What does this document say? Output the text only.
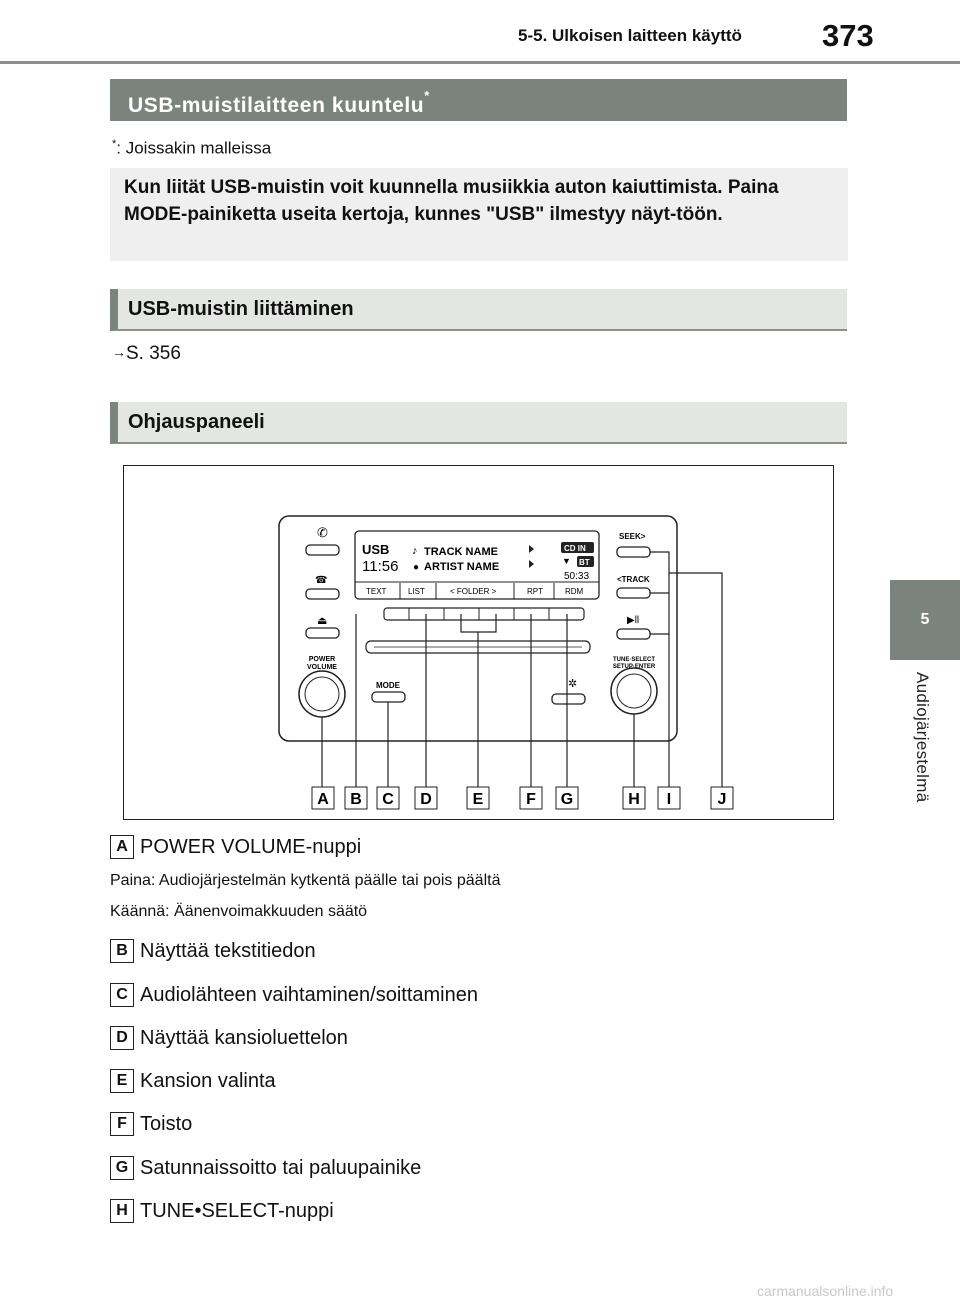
5-5. Ulkoisen laitteen käyttö	373
5
Audiojärjestelmä
USB-muistilaitteen kuuntelu*
*: Joissakin malleissa
Kun liität USB-muistin voit kuunnella musiikkia auton kaiuttimista. Paina MODE-painiketta useita kertoja, kunnes "USB" ilmestyy näyt-töön.
USB-muistin liittäminen
→S. 356
Ohjauspaneeli
USB
11:56
♪ TRACK NAME
● ARTIST NAME
CD IN
▼ BT
50:33
TEXT	LIST	< FOLDER >	RPT	RDM
✆
☎
⏏
POWER
VOLUME
MODE	✲
SEEK>
<TRACK
▶ll
TUNE·SELECT
SETUP·ENTER
A B C D	E	F G	H I	J
A POWER VOLUME-nuppi
Paina: Audiojärjestelmän kytkentä päälle tai pois päältä
Käännä: Äänenvoimakkuuden säätö
B Näyttää tekstitiedon
C Audiolähteen vaihtaminen/soittaminen
D Näyttää kansioluettelon
E Kansion valinta
F Toisto
G Satunnaissoitto tai paluupainike
H TUNE•SELECT-nuppi
carmanualsonline.info
